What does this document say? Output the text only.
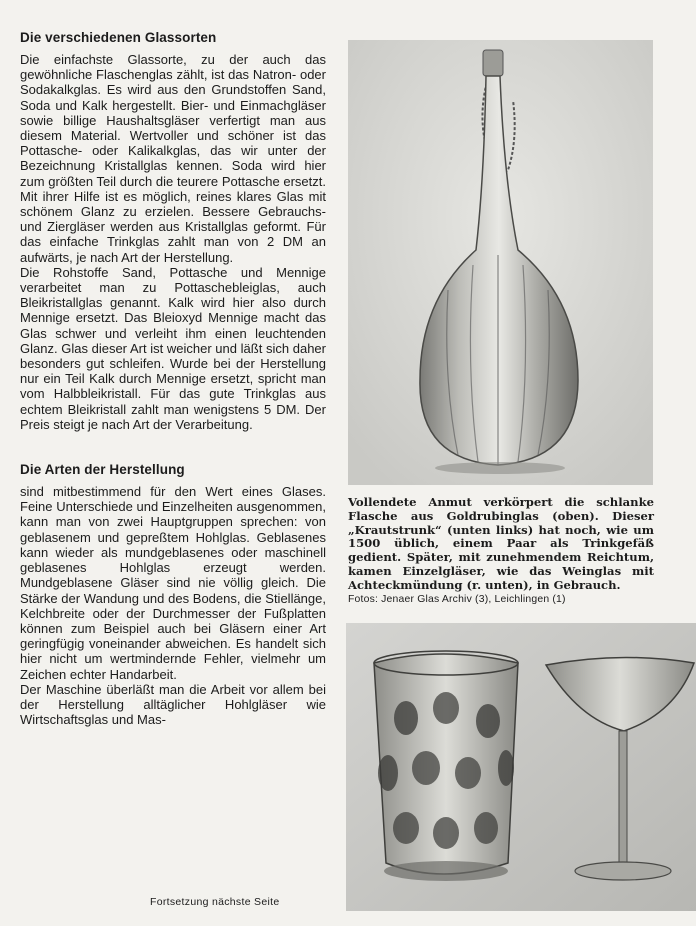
Die verschiedenen Glassorten

Die einfachste Glassorte, zu der auch das gewöhnliche Flaschenglas zählt, ist das Natron- oder Sodakalkglas. Es wird aus den Grundstoffen Sand, Soda und Kalk hergestellt. Bier- und Einmachgläser sowie billige Haushaltsgläser verfertigt man aus diesem Material. Wertvoller und schöner ist das Pottasche- oder Kalikalkglas, das wir unter der Bezeichnung Kristallglas kennen. Soda wird hier zum größten Teil durch die teurere Pottasche ersetzt. Mit ihrer Hilfe ist es möglich, reines klares Glas mit schönem Glanz zu erzielen. Bessere Gebrauchs- und Ziergläser werden aus Kristallglas geformt. Für das einfache Trinkglas zahlt man von 2 DM an aufwärts, je nach Art der Herstellung.

Die Rohstoffe Sand, Pottasche und Mennige verarbeitet man zu Pottaschebleiglas, auch Bleikristallglas genannt. Kalk wird hier also durch Mennige ersetzt. Das Bleioxyd Mennige macht das Glas schwer und verleiht ihm einen leuchtenden Glanz. Glas dieser Art ist weicher und läßt sich daher besonders gut schleifen. Wurde bei der Herstellung nur ein Teil Kalk durch Mennige ersetzt, spricht man vom Halbbleikristall. Für das gute Trinkglas aus echtem Bleikristall zahlt man wenigstens 5 DM. Der Preis steigt je nach Art der Verarbeitung.

Die Arten der Herstellung

sind mitbestimmend für den Wert eines Glases. Feine Unterschiede und Einzelheiten ausgenommen, kann man von zwei Hauptgruppen sprechen: von geblasenem und gepreßtem Hohlglas. Geblasenes kann wieder als mundgeblasenes oder maschinell geblasenes Hohlglas erzeugt werden. Mundgeblasene Gläser sind nie völlig gleich. Die Stärke der Wandung und des Bodens, die Stiellänge, Kelchbreite oder der Durchmesser der Fußplatten können zum Beispiel auch bei Gläsern einer Art geringfügig voneinander abweichen. Es handelt sich hier nicht um wertmindernde Fehler, vielmehr um Zeichen echter Handarbeit.

Der Maschine überläßt man die Arbeit vor allem bei der Herstellung alltäglicher Hohlgläser wie Wirtschaftsglas und Mas-

Fortsetzung nächste Seite
Vollendete Anmut verkörpert die schlanke Flasche aus Goldrubinglas (oben). Dieser „Krautstrunk“ (unten links) hat noch, wie um 1500 üblich, einem Paar als Trinkgefäß gedient. Später, mit zunehmendem Reichtum, kamen Einzelgläser, wie das Weinglas mit Achteckmündung (r. unten), in Gebrauch.
Fotos: Jenaer Glas Archiv (3), Leichlingen (1)
